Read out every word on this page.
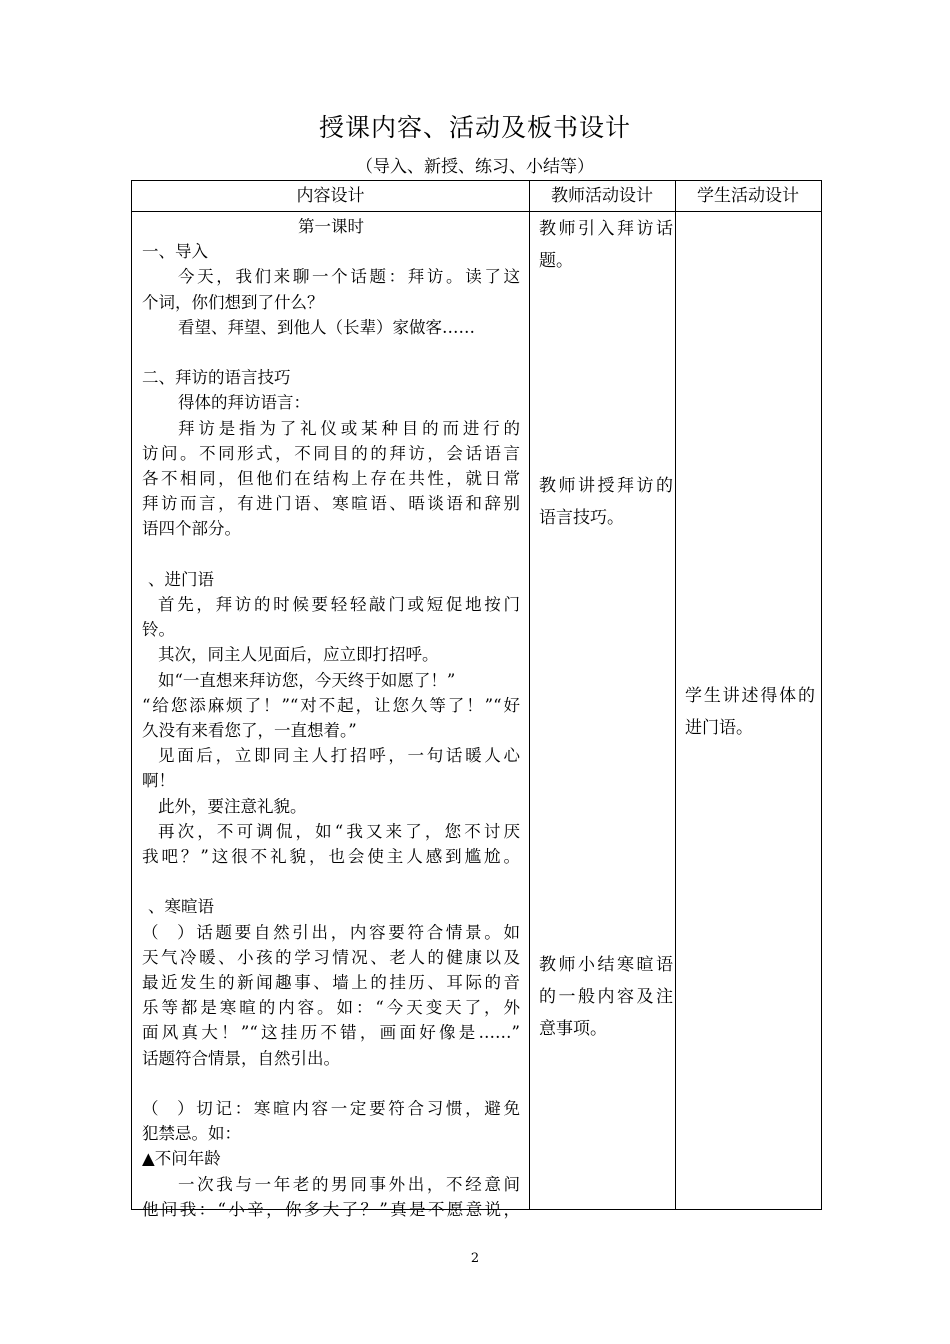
授课内容、活动及板书设计
（导入、新授、练习、小结等）
内容设计	教师活动设计	学生活动设计
第一课时
一、导入
今天，我们来聊一个话题：拜访。读了这
个词，你们想到了什么？
看望、拜望、到他人（长辈）家做客……
二、拜访的语言技巧
得体的拜访语言：
拜访是指为了礼仪或某种目的而进行的
访问。不同形式，不同目的的拜访，会话语言
各不相同，但他们在结构上存在共性，就日常
拜访而言，有进门语、寒暄语、晤谈语和辞别
语四个部分。
、进门语
首先，拜访的时候要轻轻敲门或短促地按门
铃。
其次，同主人见面后，应立即打招呼。
如“一直想来拜访您，今天终于如愿了！”
“给您添麻烦了！”“对不起，让您久等了！”“好
久没有来看您了，一直想着。”
见面后，立即同主人打招呼，一句话暖人心
啊！
此外，要注意礼貌。
再次，不可调侃，如“我又来了，您不讨厌
我吧？”这很不礼貌，也会使主人感到尴尬。
、寒暄语
（  ）话题要自然引出，内容要符合情景。如
天气冷暖、小孩的学习情况、老人的健康以及
最近发生的新闻趣事、墙上的挂历、耳际的音
乐等都是寒暄的内容。如：“今天变天了，外
面风真大！”“这挂历不错，画面好像是……”
话题符合情景，自然引出。
（  ）切记：寒暄内容一定要符合习惯，避免
犯禁忌。如：
▲不问年龄
一次我与一年老的男同事外出，不经意间
他问我：“小辛，你多大了？”真是不愿意说，
教师引入拜访话题。
教师讲授拜访的语言技巧。
教师小结寒暄语的一般内容及注意事项。
学生讲述得体的进门语。
2
